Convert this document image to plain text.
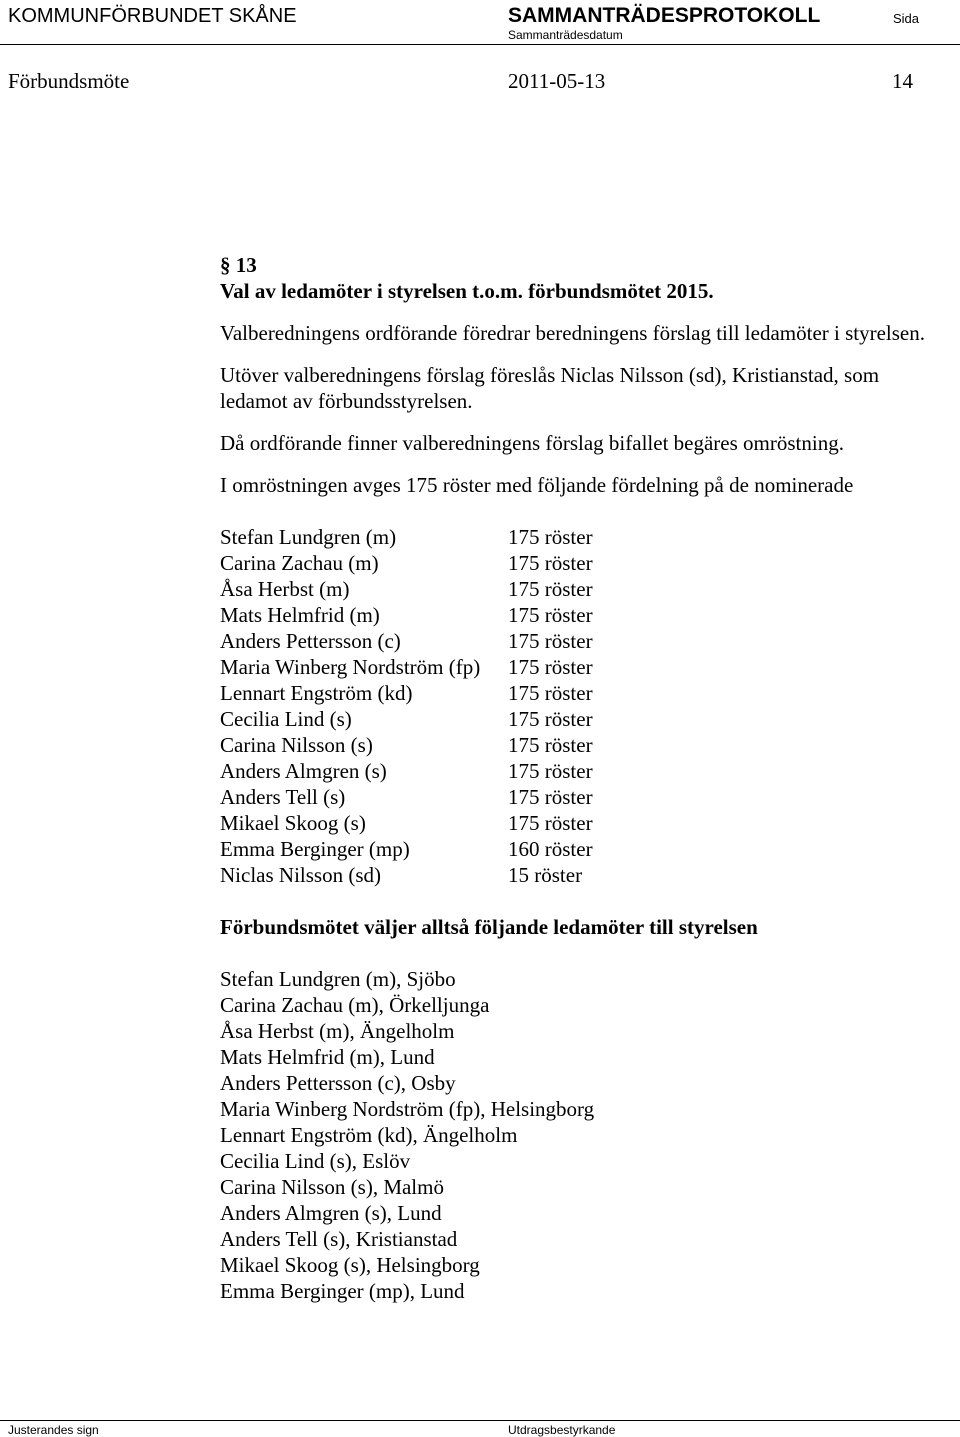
KOMMUNFÖRBUNDET SKÅNE	SAMMANTRÄDESPROTOKOLL	Sida
Sammanträdesdatum
Förbundsmöte	2011-05-13	14

§ 13

Val av ledamöter i styrelsen t.o.m. förbundsmötet 2015.

Valberedningens ordförande föredrar beredningens förslag till ledamöter i styrelsen.

Utöver valberedningens förslag föreslås Niclas Nilsson (sd), Kristianstad, som ledamot av förbundsstyrelsen.

Då ordförande finner valberedningens förslag bifallet begäres omröstning.

I omröstningen avges 175 röster med följande fördelning på de nominerade

Stefan Lundgren (m)	175 röster
Carina Zachau (m)	175 röster
Åsa Herbst (m)	175 röster
Mats Helmfrid (m)	175 röster
Anders Pettersson (c)	175 röster
Maria Winberg Nordström (fp)	175 röster
Lennart Engström (kd)	175 röster
Cecilia Lind (s)	175 röster
Carina Nilsson (s)	175 röster
Anders Almgren (s)	175 röster
Anders Tell (s)	175 röster
Mikael Skoog (s)	175 röster
Emma Berginger (mp)	160 röster
Niclas Nilsson (sd)	15 röster

Förbundsmötet väljer alltså följande ledamöter till styrelsen

Stefan Lundgren (m), Sjöbo

Carina Zachau (m), Örkelljunga

Åsa Herbst (m), Ängelholm

Mats Helmfrid (m), Lund

Anders Pettersson (c), Osby

Maria Winberg Nordström (fp), Helsingborg

Lennart Engström (kd), Ängelholm

Cecilia Lind (s), Eslöv

Carina Nilsson (s), Malmö

Anders Almgren (s), Lund

Anders Tell (s), Kristianstad

Mikael Skoog (s), Helsingborg

Emma Berginger (mp), Lund

Justerandes sign	Utdragsbestyrkande
